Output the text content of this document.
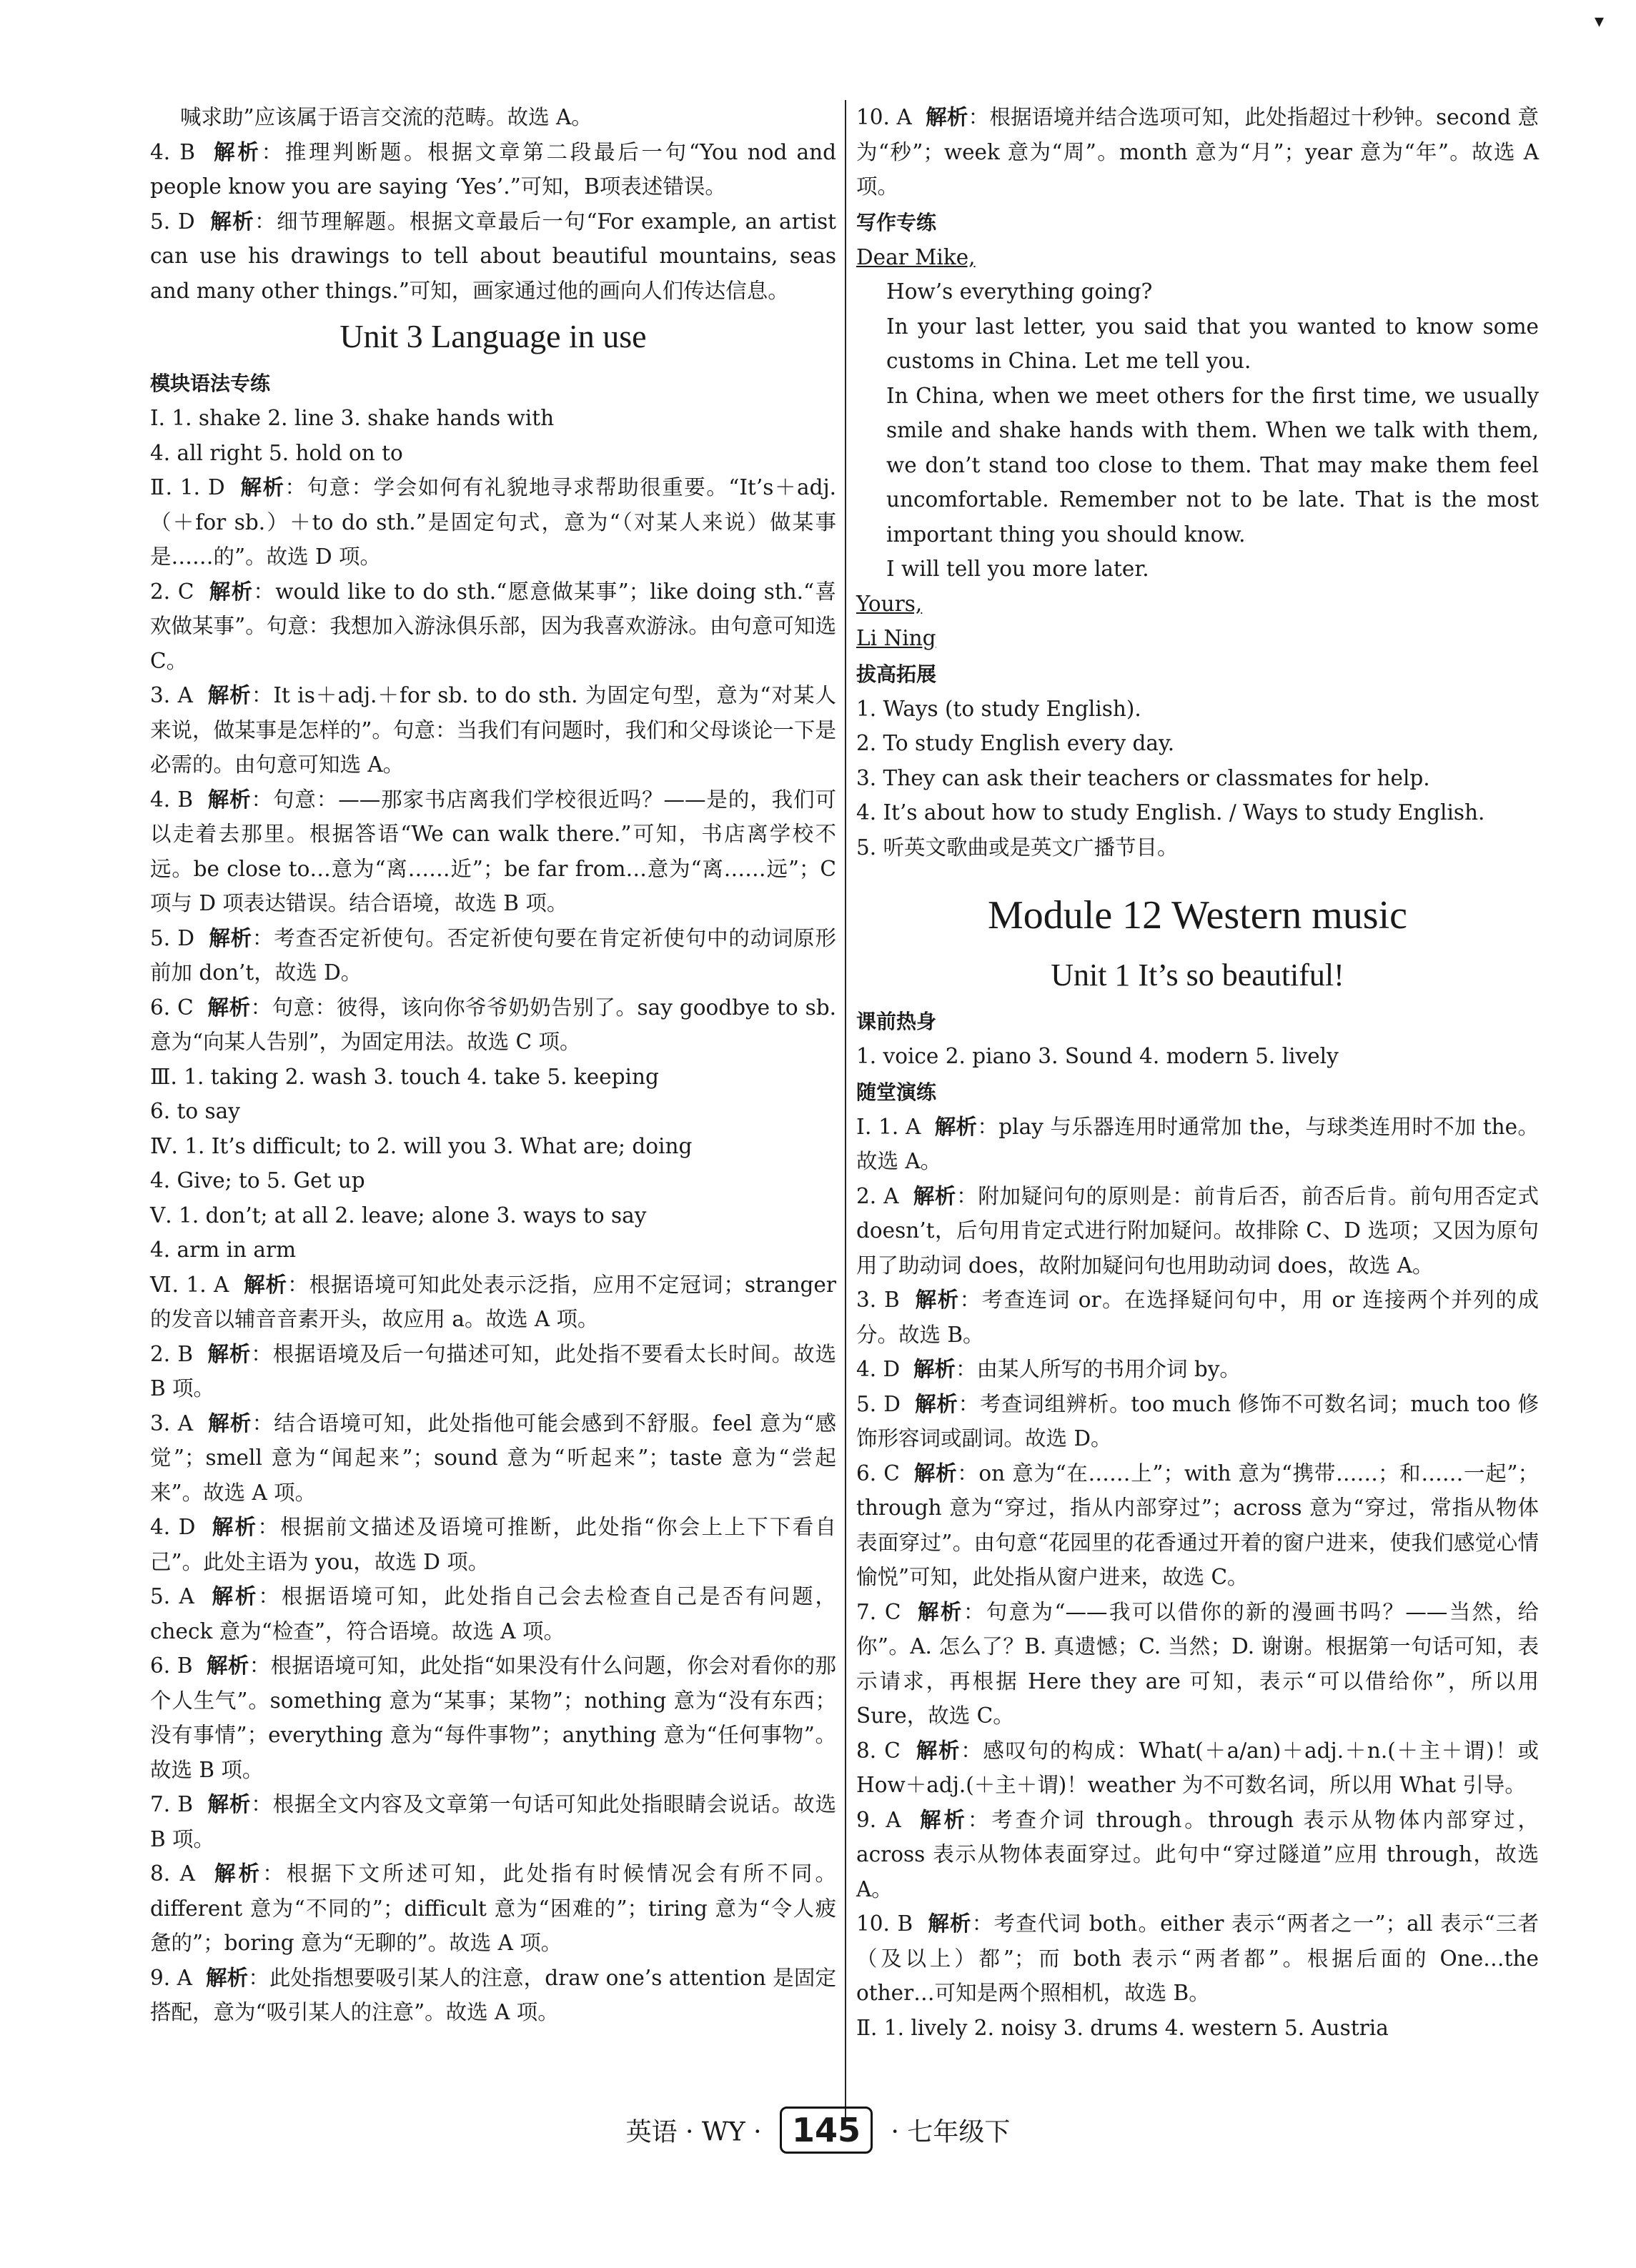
▾

喊求助”应该属于语言交流的范畴。故选 A。

4. B 解析：推理判断题。根据文章第二段最后一句“You nod and people know you are saying ‘Yes’.”可知，B项表述错误。

5. D 解析：细节理解题。根据文章最后一句“For example, an artist can use his drawings to tell about beautiful mountains, seas and many other things.”可知，画家通过他的画向人们传达信息。

Unit 3 Language in use

模块语法专练

Ⅰ. 1. shake 2. line 3. shake hands with

4. all right 5. hold on to

Ⅱ. 1. D 解析：句意：学会如何有礼貌地寻求帮助很重要。“It’s＋adj.（＋for sb.）＋to do sth.”是固定句式，意为“（对某人来说）做某事是……的”。故选 D 项。

2. C 解析：would like to do sth.“愿意做某事”；like doing sth.“喜欢做某事”。句意：我想加入游泳俱乐部，因为我喜欢游泳。由句意可知选 C。

3. A 解析：It is＋adj.＋for sb. to do sth. 为固定句型，意为“对某人来说，做某事是怎样的”。句意：当我们有问题时，我们和父母谈论一下是必需的。由句意可知选 A。

4. B 解析：句意：——那家书店离我们学校很近吗？——是的，我们可以走着去那里。根据答语“We can walk there.”可知，书店离学校不远。be close to…意为“离……近”；be far from…意为“离……远”；C项与 D 项表达错误。结合语境，故选 B 项。

5. D 解析：考查否定祈使句。否定祈使句要在肯定祈使句中的动词原形前加 don’t，故选 D。

6. C 解析：句意：彼得，该向你爷爷奶奶告别了。say goodbye to sb. 意为“向某人告别”，为固定用法。故选 C 项。

Ⅲ. 1. taking 2. wash 3. touch 4. take 5. keeping

6. to say

Ⅳ. 1. It’s difficult; to 2. will you 3. What are; doing

4. Give; to 5. Get up

Ⅴ. 1. don’t; at all 2. leave; alone 3. ways to say

4. arm in arm

Ⅵ. 1. A 解析：根据语境可知此处表示泛指，应用不定冠词；stranger 的发音以辅音音素开头，故应用 a。故选 A 项。

2. B 解析：根据语境及后一句描述可知，此处指不要看太长时间。故选 B 项。

3. A 解析：结合语境可知，此处指他可能会感到不舒服。feel 意为“感觉”；smell 意为“闻起来”；sound 意为“听起来”；taste 意为“尝起来”。故选 A 项。

4. D 解析：根据前文描述及语境可推断，此处指“你会上上下下看自己”。此处主语为 you，故选 D 项。

5. A 解析：根据语境可知，此处指自己会去检查自己是否有问题，check 意为“检查”，符合语境。故选 A 项。

6. B 解析：根据语境可知，此处指“如果没有什么问题，你会对看你的那个人生气”。something 意为“某事；某物”；nothing 意为“没有东西；没有事情”；everything 意为“每件事物”；anything 意为“任何事物”。故选 B 项。

7. B 解析：根据全文内容及文章第一句话可知此处指眼睛会说话。故选 B 项。

8. A 解析：根据下文所述可知，此处指有时候情况会有所不同。different 意为“不同的”；difficult 意为“困难的”；tiring 意为“令人疲惫的”；boring 意为“无聊的”。故选 A 项。

9. A 解析：此处指想要吸引某人的注意，draw one’s attention 是固定搭配，意为“吸引某人的注意”。故选 A 项。

10. A 解析：根据语境并结合选项可知，此处指超过十秒钟。second 意为“秒”；week 意为“周”。month 意为“月”；year 意为“年”。故选 A 项。

写作专练

Dear Mike,

How’s everything going?

In your last letter, you said that you wanted to know some customs in China. Let me tell you.

In China, when we meet others for the first time, we usually smile and shake hands with them. When we talk with them, we don’t stand too close to them. That may make them feel uncomfortable. Remember not to be late. That is the most important thing you should know.

I will tell you more later.

Yours,

Li Ning

拔高拓展

1. Ways (to study English).

2. To study English every day.

3. They can ask their teachers or classmates for help.

4. It’s about how to study English. / Ways to study English.

5. 听英文歌曲或是英文广播节目。

Module 12 Western music

Unit 1 It’s so beautiful!

课前热身

1. voice 2. piano 3. Sound 4. modern 5. lively

随堂演练

Ⅰ. 1. A 解析：play 与乐器连用时通常加 the，与球类连用时不加 the。故选 A。

2. A 解析：附加疑问句的原则是：前肯后否，前否后肯。前句用否定式 doesn’t，后句用肯定式进行附加疑问。故排除 C、D 选项；又因为原句用了助动词 does，故附加疑问句也用助动词 does，故选 A。

3. B 解析：考查连词 or。在选择疑问句中，用 or 连接两个并列的成分。故选 B。

4. D 解析：由某人所写的书用介词 by。

5. D 解析：考查词组辨析。too much 修饰不可数名词；much too 修饰形容词或副词。故选 D。

6. C 解析：on 意为“在……上”；with 意为“携带……；和……一起”；through 意为“穿过，指从内部穿过”；across 意为“穿过，常指从物体表面穿过”。由句意“花园里的花香通过开着的窗户进来，使我们感觉心情愉悦”可知，此处指从窗户进来，故选 C。

7. C 解析：句意为“——我可以借你的新的漫画书吗？——当然，给你”。A. 怎么了？B. 真遗憾；C. 当然；D. 谢谢。根据第一句话可知，表示请求，再根据 Here they are 可知，表示“可以借给你”，所以用 Sure，故选 C。

8. C 解析：感叹句的构成：What(＋a/an)＋adj.＋n.(＋主＋谓)！或 How＋adj.(＋主＋谓)！weather 为不可数名词，所以用 What 引导。

9. A 解析：考查介词 through。through 表示从物体内部穿过，across 表示从物体表面穿过。此句中“穿过隧道”应用 through，故选 A。

10. B 解析：考查代词 both。either 表示“两者之一”；all 表示“三者（及以上）都”；而 both 表示“两者都”。根据后面的 One…the other…可知是两个照相机，故选 B。

Ⅱ. 1. lively 2. noisy 3. drums 4. western 5. Austria

英语 · WY · 145 · 七年级下
